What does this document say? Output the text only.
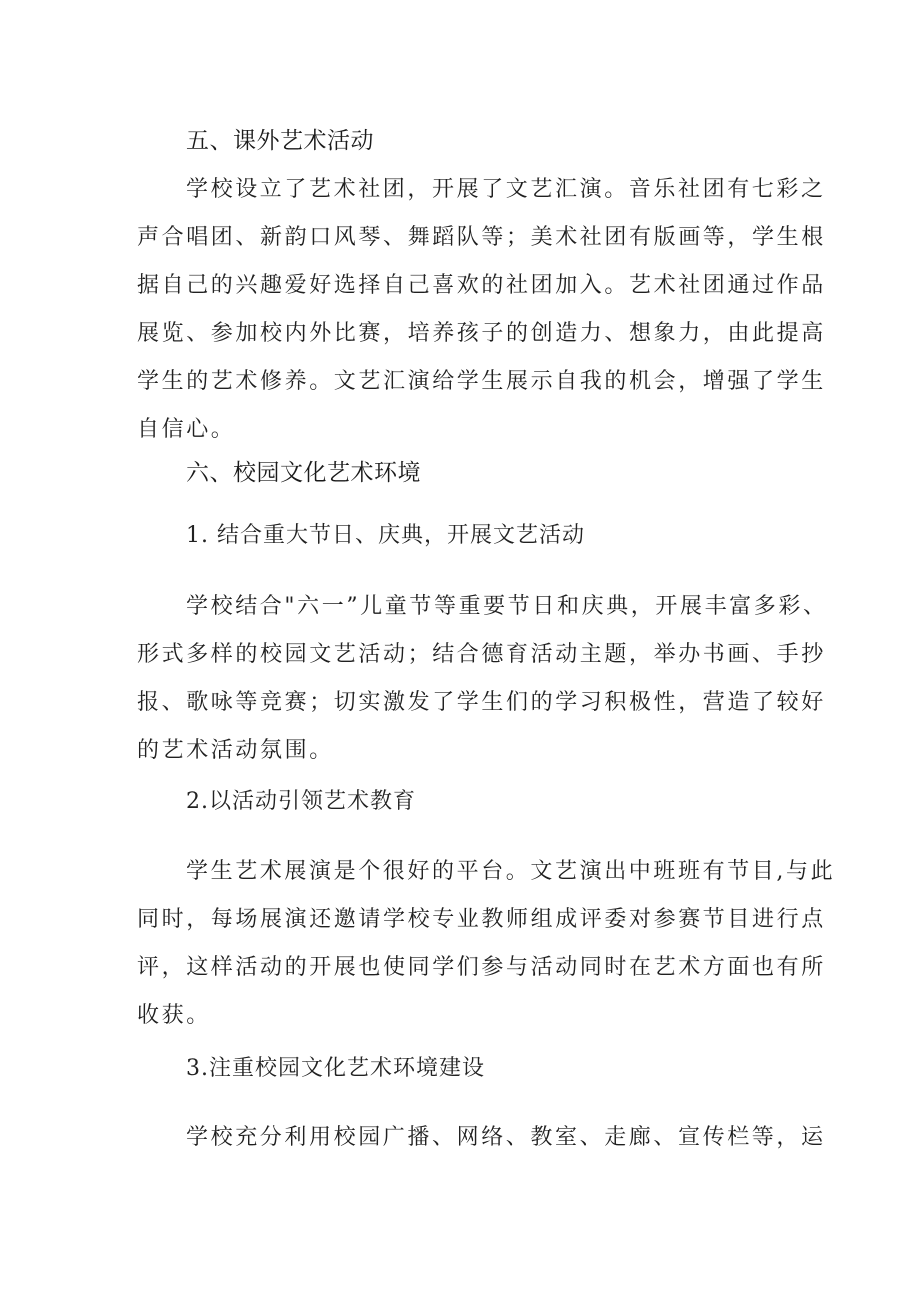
五、课外艺术活动
学校设立了艺术社团，开展了文艺汇演。音乐社团有七彩之
声合唱团、新韵口风琴、舞蹈队等；美术社团有版画等，学生根
据自己的兴趣爱好选择自己喜欢的社团加入。艺术社团通过作品
展览、参加校内外比赛，培养孩子的创造力、想象力，由此提高
学生的艺术修养。文艺汇演给学生展示自我的机会，增强了学生
自信心。
六、校园文化艺术环境
1. 结合重大节日、庆典，开展文艺活动
学校结合"六一”儿童节等重要节日和庆典，开展丰富多彩、
形式多样的校园文艺活动；结合德育活动主题，举办书画、手抄
报、歌咏等竞赛；切实激发了学生们的学习积极性，营造了较好
的艺术活动氛围。
2.以活动引领艺术教育
学生艺术展演是个很好的平台。文艺演出中班班有节目,与此
同时，每场展演还邀请学校专业教师组成评委对参赛节目进行点
评，这样活动的开展也使同学们参与活动同时在艺术方面也有所
收获。
3.注重校园文化艺术环境建设
学校充分利用校园广播、网络、教室、走廊、宣传栏等，运
